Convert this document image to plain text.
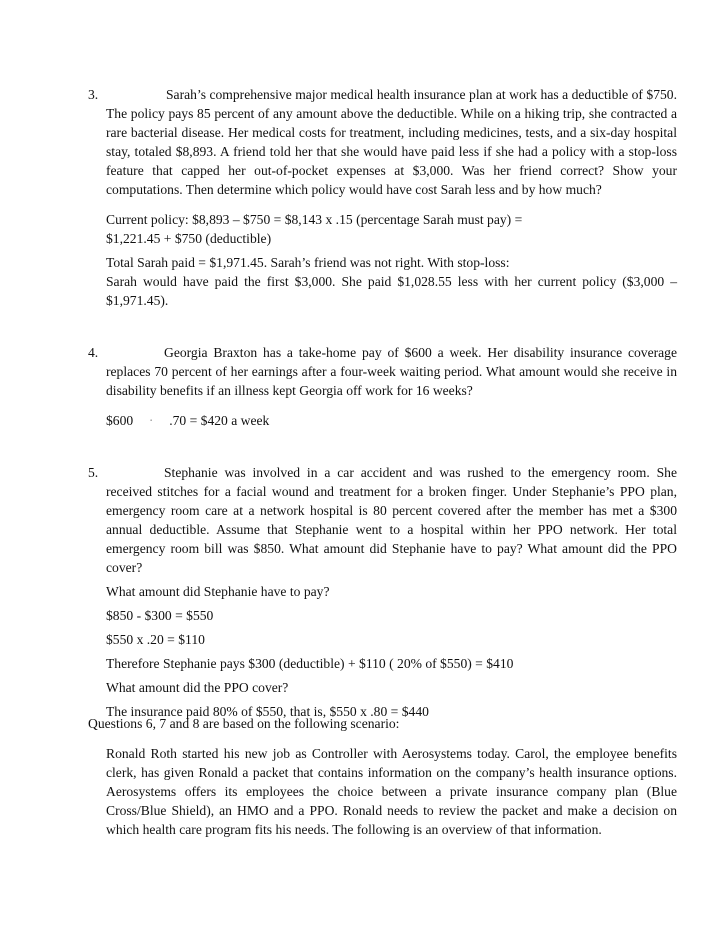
3.	Sarah’s comprehensive major medical health insurance plan at work has a deductible of $750. The policy pays 85 percent of any amount above the deductible. While on a hiking trip, she contracted a rare bacterial disease. Her medical costs for treatment, including medicines, tests, and a six-day hospital stay, totaled $8,893. A friend told her that she would have paid less if she had a policy with a stop-loss feature that capped her out-of-pocket expenses at $3,000. Was her friend correct? Show your computations. Then determine which policy would have cost Sarah less and by how much?

Current policy: $8,893 – $750 = $8,143 x .15 (percentage Sarah must pay) =

$1,221.45 + $750 (deductible)

Total Sarah paid = $1,971.45. Sarah’s friend was not right. With stop-loss:

Sarah would have paid the first $3,000. She paid $1,028.55 less with her current policy ($3,000 – $1,971.45).

4.	Georgia Braxton has a take-home pay of $600 a week. Her disability insurance coverage replaces 70 percent of her earnings after a four-week waiting period. What amount would she receive in disability benefits if an illness kept Georgia off work for 16 weeks?

$600 · .70 = $420 a week

5.	Stephanie was involved in a car accident and was rushed to the emergency room. She received stitches for a facial wound and treatment for a broken finger. Under Stephanie’s PPO plan, emergency room care at a network hospital is 80 percent covered after the member has met a $300 annual deductible. Assume that Stephanie went to a hospital within her PPO network. Her total emergency room bill was $850. What amount did Stephanie have to pay? What amount did the PPO cover?

What amount did Stephanie have to pay?

$850 - $300 = $550

$550 x .20 = $110

Therefore Stephanie pays $300 (deductible) + $110 ( 20% of $550) = $410

What amount did the PPO cover?

The insurance paid 80% of $550, that is, $550 x .80 = $440

Questions 6, 7 and 8 are based on the following scenario:

Ronald Roth started his new job as Controller with Aerosystems today. Carol, the employee benefits clerk, has given Ronald a packet that contains information on the company’s health insurance options. Aerosystems offers its employees the choice between a private insurance company plan (Blue Cross/Blue Shield), an HMO and a PPO. Ronald needs to review the packet and make a decision on which health care program fits his needs. The following is an overview of that information.
